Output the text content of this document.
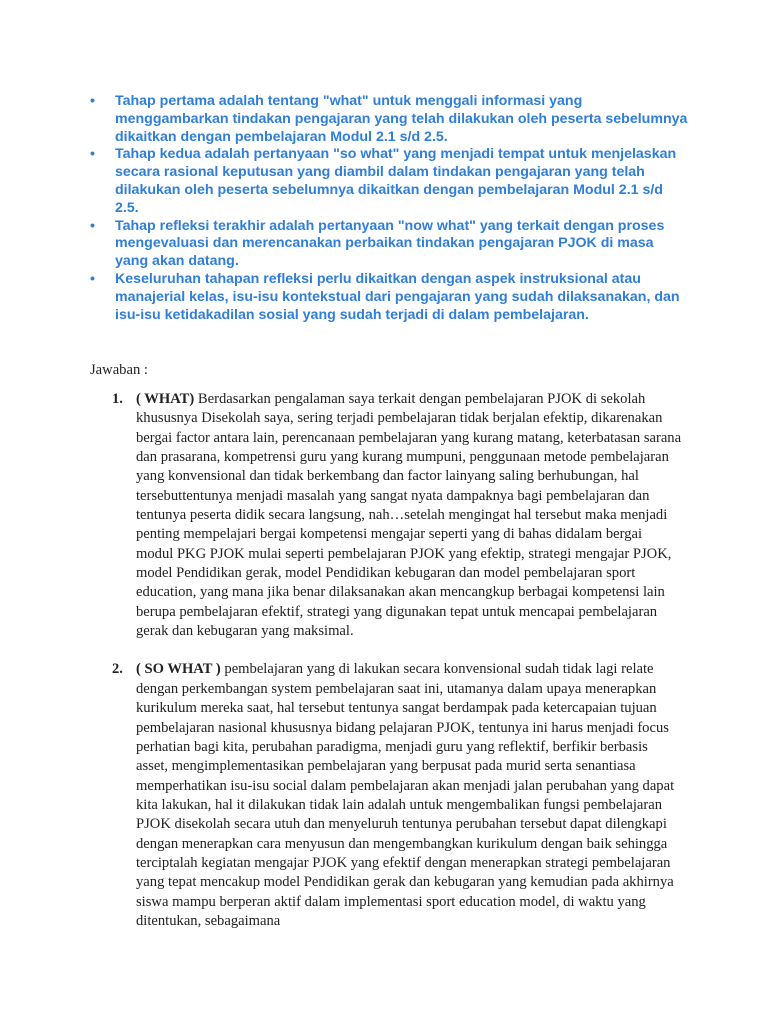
• Tahap pertama adalah tentang "what" untuk menggali informasi yang menggambarkan tindakan pengajaran yang telah dilakukan oleh peserta sebelumnya dikaitkan dengan pembelajaran Modul 2.1 s/d 2.5.
• Tahap kedua adalah pertanyaan "so what" yang menjadi tempat untuk menjelaskan secara rasional keputusan yang diambil dalam tindakan pengajaran yang telah dilakukan oleh peserta sebelumnya dikaitkan dengan pembelajaran Modul 2.1 s/d 2.5.
• Tahap refleksi terakhir adalah pertanyaan "now what" yang terkait dengan proses mengevaluasi dan merencanakan perbaikan tindakan pengajaran PJOK di masa yang akan datang.
• Keseluruhan tahapan refleksi perlu dikaitkan dengan aspek instruksional atau manajerial kelas, isu-isu kontekstual dari pengajaran yang sudah dilaksanakan, dan isu-isu ketidakadilan sosial yang sudah terjadi di dalam pembelajaran.
Jawaban :
1. ( WHAT) Berdasarkan pengalaman saya terkait dengan pembelajaran PJOK di sekolah khususnya Disekolah saya, sering terjadi pembelajaran tidak berjalan efektip, dikarenakan bergai factor antara lain, perencanaan pembelajaran yang kurang matang, keterbatasan sarana dan prasarana, kompetrensi guru yang kurang mumpuni, penggunaan metode pembelajaran yang konvensional dan tidak berkembang dan factor lainyang saling berhubungan, hal tersebuttentunya menjadi masalah yang sangat nyata dampaknya bagi pembelajaran dan tentunya peserta didik secara langsung, nah…setelah mengingat hal tersebut maka menjadi penting mempelajari bergai kompetensi mengajar seperti yang di bahas didalam bergai modul PKG PJOK mulai seperti pembelajaran PJOK yang efektip, strategi mengajar PJOK, model Pendidikan gerak, model Pendidikan kebugaran dan model pembelajaran sport education, yang mana jika benar dilaksanakan akan mencangkup berbagai kompetensi lain berupa pembelajaran efektif, strategi yang digunakan tepat untuk mencapai pembelajaran gerak dan kebugaran yang maksimal.
2. ( SO WHAT ) pembelajaran yang di lakukan secara konvensional sudah tidak lagi relate dengan perkembangan system pembelajaran saat ini, utamanya dalam upaya menerapkan kurikulum mereka saat, hal tersebut tentunya sangat berdampak pada ketercapaian tujuan pembelajaran nasional khususnya bidang pelajaran PJOK, tentunya ini harus menjadi focus perhatian bagi kita, perubahan paradigma, menjadi guru yang reflektif, berfikir berbasis asset, mengimplementasikan pembelajaran yang berpusat pada murid serta senantiasa memperhatikan isu-isu social dalam pembelajaran akan menjadi jalan perubahan yang dapat kita lakukan, hal it dilakukan tidak lain adalah untuk mengembalikan fungsi pembelajaran PJOK disekolah secara utuh dan menyeluruh tentunya perubahan tersebut dapat dilengkapi dengan menerapkan cara menyusun dan mengembangkan kurikulum dengan baik sehingga terciptalah kegiatan mengajar PJOK yang efektif dengan menerapkan strategi pembelajaran yang tepat mencakup model Pendidikan gerak dan kebugaran yang kemudian pada akhirnya siswa mampu berperan aktif dalam implementasi sport education model, di waktu yang ditentukan, sebagaimana
